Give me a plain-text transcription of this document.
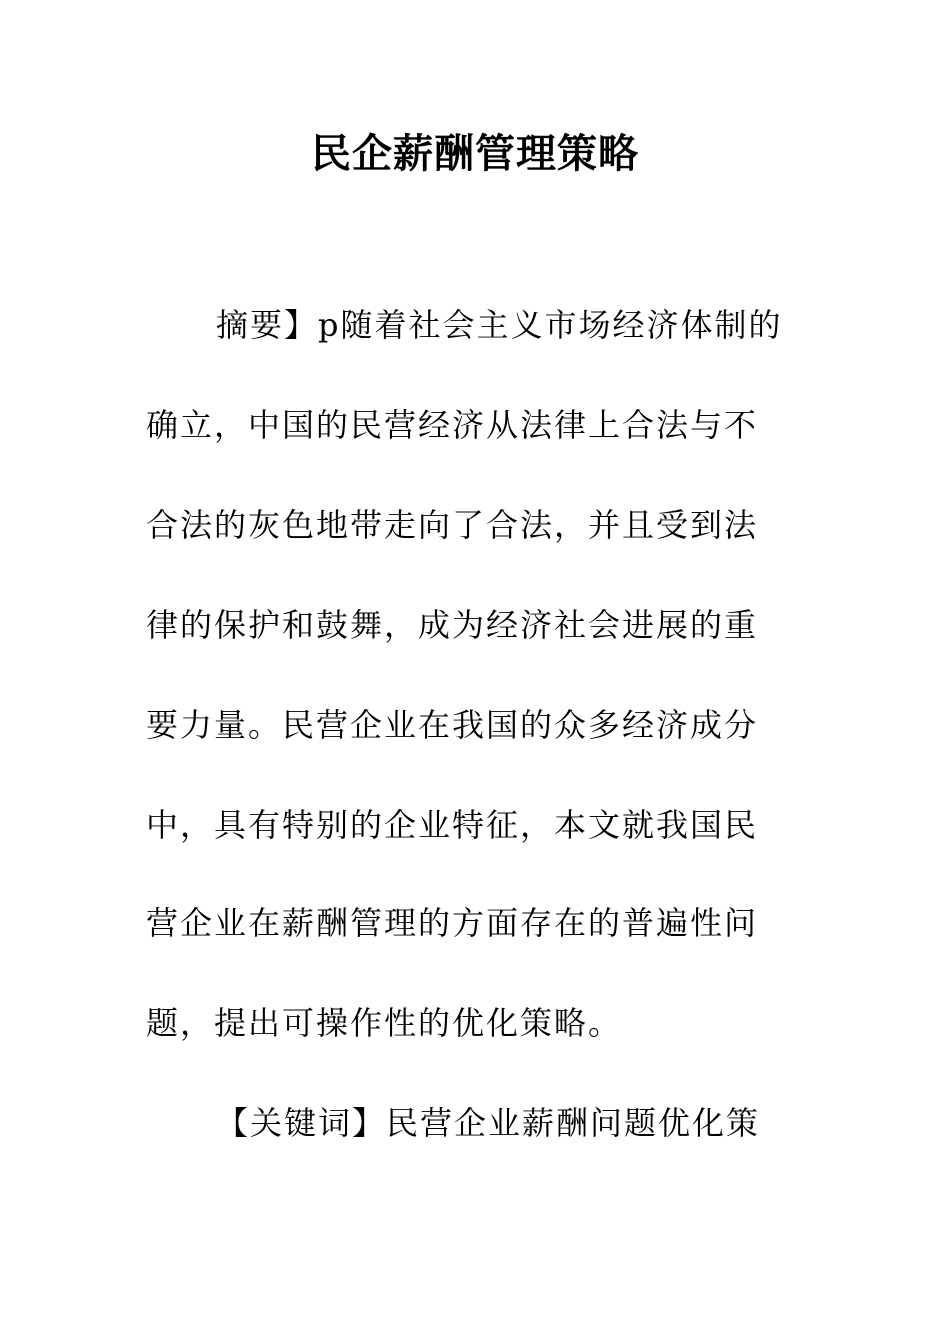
民企薪酬管理策略
摘要】p随着社会主义市场经济体制的
确立，中国的民营经济从法律上合法与不
合法的灰色地带走向了合法，并且受到法
律的保护和鼓舞，成为经济社会进展的重
要力量。民营企业在我国的众多经济成分
中，具有特别的企业特征，本文就我国民
营企业在薪酬管理的方面存在的普遍性问
题，提出可操作性的优化策略。
【关键词】民营企业薪酬问题优化策
